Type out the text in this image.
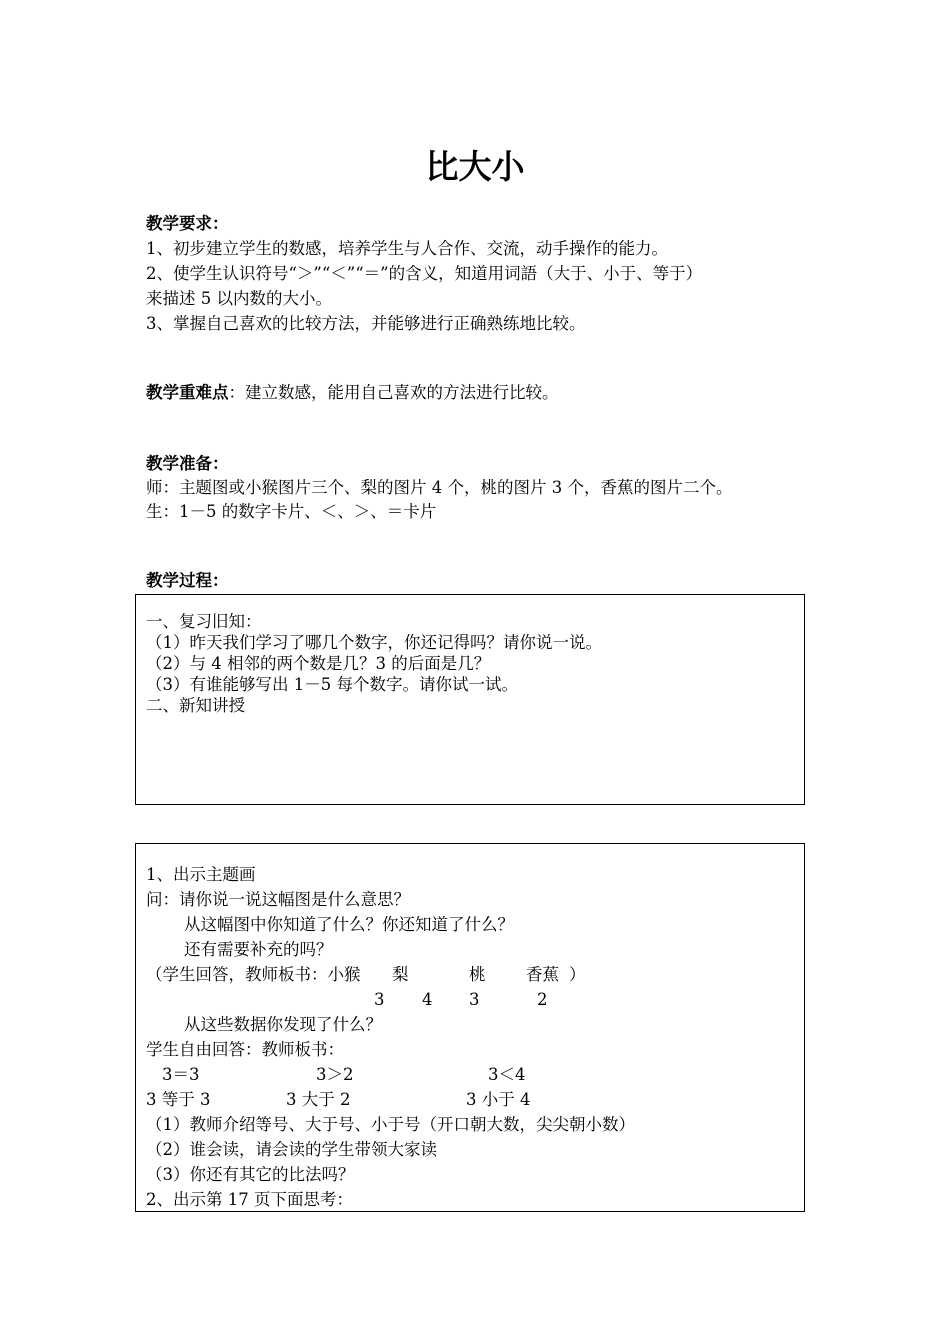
比大小
教学要求：
1、初步建立学生的数感，培养学生与人合作、交流，动手操作的能力。
2、使学生认识符号“＞”“＜”“＝”的含义，知道用词語（大于、小于、等于）
来描述 5 以内数的大小。
3、掌握自己喜欢的比较方法，并能够进行正确熟练地比较。
教学重难点：建立数感，能用自己喜欢的方法进行比较。
教学准备：
师：主题图或小猴图片三个、梨的图片 4 个，桃的图片 3 个，香蕉的图片二个。
生：1－5 的数字卡片、＜、＞、＝卡片
教学过程：
一、复习旧知：
（1）昨天我们学习了哪几个数字，你还记得吗？请你说一说。
（2）与 4 相邻的两个数是几？3 的后面是几？
（3）有谁能够写出 1－5 每个数字。请你试一试。
二、新知讲授
1、出示主题画
问：请你说一说这幅图是什么意思？
从这幅图中你知道了什么？你还知道了什么？
还有需要补充的吗？
（学生回答，教师板书：小猴 梨	桃 香蕉 ）
3 4 3	2
从这些数据你发现了什么？
学生自由回答：教师板书：
3＝3	3＞2	3＜4
3 等于 3	3 大于 2	3 小于 4
（1）教师介绍等号、大于号、小于号（开口朝大数，尖尖朝小数）
（2）谁会读，请会读的学生带领大家读
（3）你还有其它的比法吗？
2、出示第 17 页下面思考：
